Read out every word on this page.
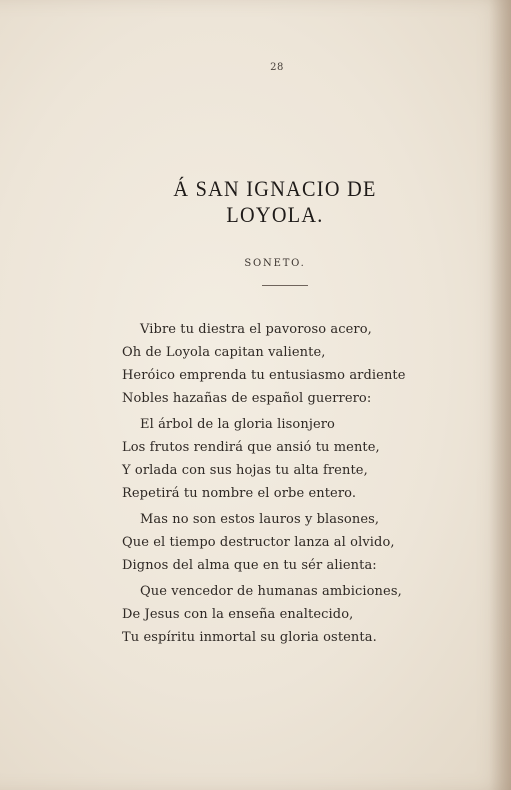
28
Á SAN IGNACIO DE LOYOLA.
SONETO.
Vibre tu diestra el pavoroso acero,
Oh de Loyola capitan valiente,
Heróico emprenda tu entusiasmo ardiente
Nobles hazañas de español guerrero:
El árbol de la gloria lisonjero
Los frutos rendirá que ansió tu mente,
Y orlada con sus hojas tu alta frente,
Repetirá tu nombre el orbe entero.
Mas no son estos lauros y blasones,
Que el tiempo destructor lanza al olvido,
Dignos del alma que en tu sér alienta:
Que vencedor de humanas ambiciones,
De Jesus con la enseña enaltecido,
Tu espíritu inmortal su gloria ostenta.
